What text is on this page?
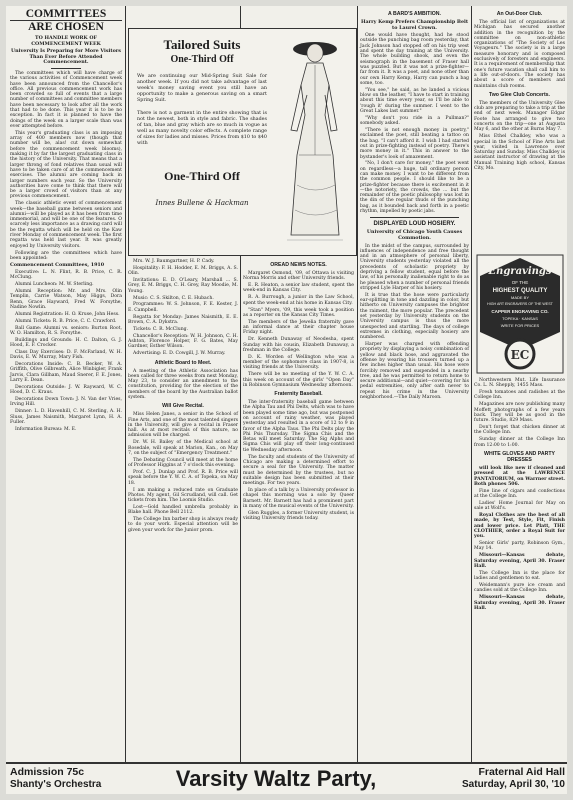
COMMITTEES
ARE CHOSEN
TO HANDLE WORK OF COMMENCEMENT WEEK
University Is Preparing for More Visitors Than Ever Before Attended Commencement.

The committees which will have charge of the various activities of Commencement week have been announced from the Chancellor's office. All previous commencement work has been crowded so full of events that a large number of committees and committee members have been necessary to look after all the work that had to be done. This year it is to be no exception. In fact it is planned to have the doings of the week on a larger scale than was ever attempted before.

This year's graduating class is an imposing array of 400 members now (though that number will be, alas! cut down somewhat before the commencement week blooms), making it by far the largest graduating class in the history of the University. That means that a larger throng of fond relatives than usual will have to be taken care of at the commencement exercises. The alumni are coming back in larger numbers each year. So the University authorities have come to think that there will be a larger crowd of visitors than at any previous commencement.

The classic athletic event of commencement week—the baseball game between seniors and alumni—will be played as it has been from time immemorial, and will be one of the features. O scarcely less importance as a drawing card will be the regatta which will be held on the Kaw river Monday of commencement week. The first regatta was held last year. It was greatly enjoyed by University visitors.

Following are the committees which have been appointed:

Commencement Committees, 1910

Executive: L. N. Flint, R. B. Price, C. R. McClung.

Alumni Luncheon: M. W. Sterling.

Alumni Reception: Mr. and Mrs. Olin Templin, Carrie Watson, May Higgs, Dora Renn, Grace Hayward, Fred W. Forsythe, Nadine Nowlin.

Alumni Registration: H. O. Kruse, John Hess.

Alumni Tickets: R. B. Price, C. C. Crawford.

Ball Game: Alumni vs. seniors: Burton Root, W. O. Hamilton, R. S. Forsythe.

Buildings and Grounds: H. C. Dalton, G. J. Hood, E. F. Crocker.

Class Day Exercises: D. F. McFarland, W. H. Davis, E. W. Murray, Mary Fish.

Decorations Inside: C. B. Becker, W. A. Griffith, Olive Gilbreath, Alice Winbigler, Frank Jarvis, Clara Gillham, Maud Snerer, F. E. Jones, Larry E. Dean.

Decorations Outside: J. W. Rayward, W. C. Hood, D. C. Kraus.

Decorations Down Town: J. N. Van der Vries, Irving Hill.

Dinner: L. D. Havenhill, C. M. Sterling, A. H. Sluss, James Naismith, Margaret Lynn, H. A. Fuller.

Information Bureau: M. E.

Tailored Suits
One-Third Off
We are continuing our Mid-Spring Suit Sale for another week. If you did not take advantage of last week's money saving event you still have an opportunity to make a generous saving on a smart Spring Suit.
There is not a garment in the entire showing that is not the newest, both in style and fabric. The shades of tan, blue and gray which are so much in vogue as well as many novelty color effects. A complete range of sizes for ladies and misses. Prices from $10 to $40 with
One-Third Off
Innes Bullene & Hackman

Mrs. W. J. Baumgartner, H. P. Cady.

Hospitality: F. H. Hodder, E. M. Briggs, A. S. Olin.

Invitations: E. D. O'Leary, Marshall ... S. Grey, E. M. Briggs, C. H. Grey, Ray Moodie, M. Young.

Music: C. S. Skilton, C. E. Hubach.

Programmes: W. S. Johnson, F. E. Kester, J. E. Campbell.

Regatta for Monday: James Naismith, E. E. Brown, C. A. Dykstra.

Tickets: C. R. McClung.

Chancellor's Reception: W. H. Johnson, C. H. Ashton, Florence Holper, F. G. Bates, May Gardner, Esther Wilson.

Advertising: E. D. Cowgill, J. W. Murray.

Athletic Board to Meet.

A meeting of the Athletic Association has been called for three weeks from next Monday, May 23, to consider an amendment to the constitution, providing for the election of the members of the board by the Australian ballot system.

Will Give Recital.

Miss Helen Janes, a senior in the School of Fine Arts, and one of the most talented singers in the University, will give a recital in Fraser hall. As at most recitals of this nature, no admission will be charged.

Dr. W. H. Bailey of the Medical school at Rosedale, will speak at Marion, Kan., on May 7, on the subject of "Emergency Treatment."

The Debating Council will meet at the home of Professor Higgins at 7 o'clock this evening.

Prof. C. J. Dunlap and Prof. R. B. Price will speak before the Y. W. C. A. of Topeka, on May 18.

I am making a reduced rate on Graduate Photos. My agent, Gil Scrudland, will call. Get tickets from him. The Loomis Studio.

Lost—Gold handled umbrella probably in Blake hall. Phone Bell 2112.

The College Inn barber shop is always ready to do your work. Especial attention will be given your work for the Junior prom.

OREAD NEWS NOTES.

Margaret Osmond, '09, of Ottawa is visiting Norma Morris and other University friends.

E. R. Heaton, a senior law student, spent the week-end in Kansas City.

R. A. Burrough, a junior in the Law School, spent the week-end at his home in Kansas City.

"Stan" Myers, '09, this week took a position as a reporter on the Kansas City Times.

The members of the Jewelia fraternity gave an informal dance at their chapter house Friday night.

Dr. Kenneth Dunaway of Neodesha, spent Sunday with his cousin, Elizabeth Dunaway, a freshman in the College.

D. K. Worden of Wellington who was a member of the sophomore class in 1907-8, is visiting friends at the University.

There will be no meeting of the Y. W. C. A. this week on account of the girls' "Open Day" in Robinson Gymnasium Wednesday afternoon.

Fraternity Baseball.

The inter-fraternity baseball game between the Alpha Tau and Phi Delts, which was to have been played some time ago, but was postponed on account of rainy weather, was played yesterday and resulted in a score of 12 to 9 in favor of the Alpha Taus. The Phi Delts play the Phi Psis Thursday. The Sigma Chis and the Betas will meet Saturday. The Sig Alphs and Sigma Chis will play off their long-continued tie Wednesday afternoon.

The faculty and students of the University of Chicago are making a determined effort to secure a seal for the University. The matter must be determined by the trustees, but no suitable design has been submitted at their meetings. For two years.

In place of a talk by a University professor in chapel this morning was a solo by Queer Barnett. Mr. Barnett has had a prominent part in many of the musical events of the University.

Glen Ruggles, a former University student, is visiting University friends today.

A BARD'S AMBITION.
Harry Kemp Prefers Championship Belt to Laurel Crown.

One would have thought, had he stood outside the punching bag room yesterday, that Jack Johnson had stopped off on his trip west and spent the day training at the University. The whole building shook, and even the seismograph in the basement of Fraser hall was puzzled. But it was not a prize-fighter—far from it. It was a poet, and none other than our own Harry Kemp, Harry can punch a bag some, too.

"You see," he said, as he landed a vicious blow on the leather, "I have to start in training about this time every year, so I'll be able to 'rough it' during the summer. I went to the Great Lakes last summer."

"Why don't you ride in a Pullman?" somebody asked.

"There is not enough money in poetry," exclaimed the poet, still beating a tattoo on the bag. "I can't afford it. I wish I had started out in prize-fighting instead of poetry. There's more money in it." This in answer to the bystander's look of amazement.

"No, I don't care for money," the poet went on regardless—a huge, tall ordinary person can make money. I want to be different from the common people. I should like to be a prize-fighter because there is excitement in it—the notoriety, the crowds, the ... but the remainder of the poetic philosophy was lost in the din of the regular thuds of the punching bag, as it bounded back and forth in a poetic rhythm, impelled by poetic jabs.

DISPLAYED LOUD HOSIERY.
University of Chicago Youth Causes Commotion.

In the midst of the campus, surrounded by influences of independence and free thought and in an atmosphere of personal liberty, University students yesterday violated all the precedents of scholastic propriety by depriving a fellow student, equal before the law, of his personally inalienable right to do as he pleased when a number of personal friends stripped Lyle Harper of his hosiery.

It is true that the hose were particularly ear-splitting in tone and dazzling in color, but hitherto on University campuses the brighter the raiment, the more popular. The precedent set yesterday by University students on the University campus is thus the more unexpected and startling. The days of college extremes in clothing, especially hosiery are numbered.

Harper was charged with offending propriety by displaying a noisy combination of yellow and black hose, and aggravated the offense by wearing his trousers turned up a few inches higher than usual. His hose were forcibly removed and suspended in a nearby tree, and he was permitted to return home to secure additional—and quiet—covering for his pedal extremities, only after oath never to repeat his crime in the University neighborhood.—The Daily Maroon.

An Out-Door Club.

The official list of organizations at Michigan has secured another addition in the recognition by the committee on non-athletic organizations of "The Society of Les Voyageurs." The society is in a large measure honorary and is composed exclusively of foresters and engineers. It is a requirement of membership that one's future vacation shall call him to a life out-of-doors. The society has about a score of members and maintains club rooms.

Two Glee Club Concerts.

The members of the University Glee club are preparing to take a trip at the end of next week. Manager Edgar Foote has arranged to give two concerts on the trip—one at Augusta May 6, and the other at Burns May 7.

Miss Ethel Chalkley, who was a special in the School of Fine Arts last year, visited in Lawrence over Saturday and Sunday. Miss Chalkley is assistant instructor of drawing at the Manual Training high school, Kansas City, Mo.

Engravings
OF THE
HIGHEST QUALITY
MADE BY
HIGH ART ENGRAVERS OF THE WEST
CAPPER ENGRAVING CO.
TOPEKA · KANSAS
WRITE FOR PRICES
EC

Northwestern Mut. Life Insurance Co. L. N. Shepply, 1455 Mass.

Fresh tomatoes and radishes at the College Inn.

Magazines are now publishing many Moffett photographs of a few years back. They will be as good in the future. Studio, 829 Mass.

Don't forget that chicken dinner at the College Inn.

Sunday dinner at the College Inn from 12:00 to 1:00.

WHITE GLOVES AND PARTY DRESSES

will look like new if cleaned and pressed at the LAWRENCE PANTATORIUM, on Warrner street. Both phones 506.

Fine line of cigars and confections at the College Inn.

Ladies' Home Journal for May on sale at Wolf's.

Royal Clothes are the best of all made, by Test, Style, Fit, Finish and lower price. Let Platt, THE CLOTHIER, order a Royal Suit for you.

Senior Girls' party, Robinson Gym., May 14.

Missouri—Kansas debate, Saturday evening, April 30. Fraser Hall.

The College Inn is the place for ladies and gentlemen to eat.

Weidemann's pure ice cream and candies sold at the College Inn.

Missouri—Kansas debate, Saturday evening, April 30. Fraser Hall.

Admission 75c
Shanty's Orchestra	Varsity Waltz Party,	Fraternal Aid Hall
Saturday, April 30, '10
